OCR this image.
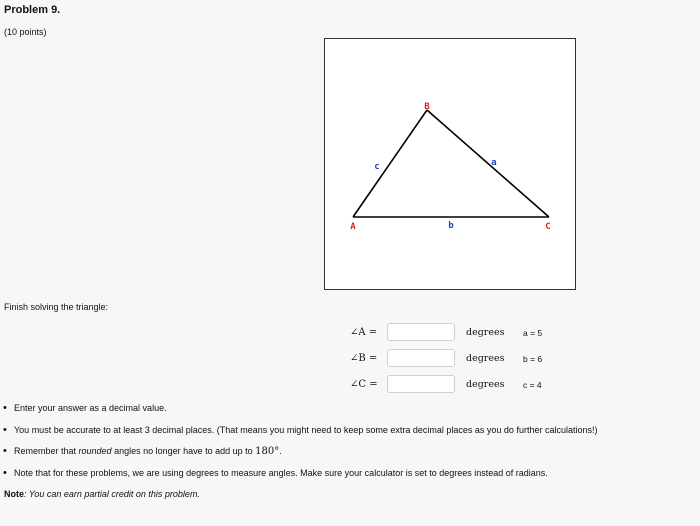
Problem 9.
(10 points)
B
A	C
c	a
b
Finish solving the triangle:
∠A =	degrees a = 5
∠B =	degrees b = 6
∠C =	degrees c = 4
• Enter your answer as a decimal value.
• You must be accurate to at least 3 decimal places. (That means you might need to keep some extra decimal places as you do further calculations!)
• Remember that rounded angles no longer have to add up to 180°.
• Note that for these problems, we are using degrees to measure angles. Make sure your calculator is set to degrees instead of radians.
Note: You can earn partial credit on this problem.
